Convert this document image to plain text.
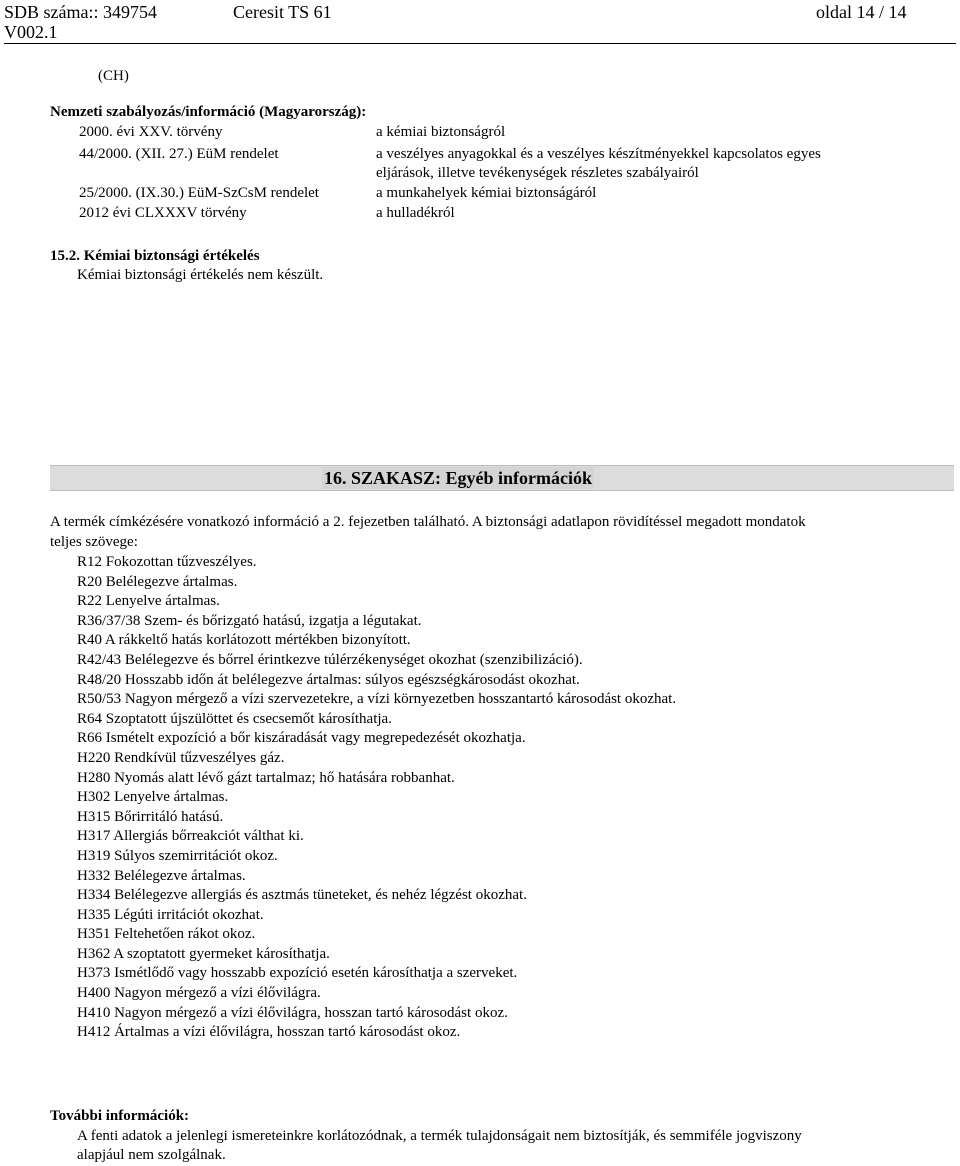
SDB száma:: 349754	Ceresit TS 61	oldal 14 / 14
V002.1
(CH)
Nemzeti szabályozás/információ (Magyarország):
2000. évi XXV. törvény	a kémiai biztonságról
44/2000. (XII. 27.) EüM rendelet	a veszélyes anyagokkal és a veszélyes készítményekkel kapcsolatos egyes
eljárások, illetve tevékenységek részletes szabályairól
25/2000. (IX.30.) EüM-SzCsM rendelet	a munkahelyek kémiai biztonságáról
2012 évi CLXXXV törvény	a hulladékról
15.2. Kémiai biztonsági értékelés
Kémiai biztonsági értékelés nem készült.
16. SZAKASZ: Egyéb információk
A termék címkézésére vonatkozó információ a 2. fejezetben található. A biztonsági adatlapon rövidítéssel megadott mondatok
teljes szövege:
R12 Fokozottan tűzveszélyes.
R20 Belélegezve ártalmas.
R22 Lenyelve ártalmas.
R36/37/38 Szem- és bőrizgató hatású, izgatja a légutakat.
R40 A rákkeltő hatás korlátozott mértékben bizonyított.
R42/43 Belélegezve és bőrrel érintkezve túlérzékenységet okozhat (szenzibilizáció).
R48/20 Hosszabb időn át belélegezve ártalmas: súlyos egészségkárosodást okozhat.
R50/53 Nagyon mérgező a vízi szervezetekre, a vízi környezetben hosszantartó károsodást okozhat.
R64 Szoptatott újszülöttet és csecsemőt károsíthatja.
R66 Ismételt expozíció a bőr kiszáradását vagy megrepedezését okozhatja.
H220 Rendkívül tűzveszélyes gáz.
H280 Nyomás alatt lévő gázt tartalmaz; hő hatására robbanhat.
H302 Lenyelve ártalmas.
H315 Bőrirritáló hatású.
H317 Allergiás bőrreakciót válthat ki.
H319 Súlyos szemirritációt okoz.
H332 Belélegezve ártalmas.
H334 Belélegezve allergiás és asztmás tüneteket, és nehéz légzést okozhat.
H335 Légúti irritációt okozhat.
H351 Feltehetően rákot okoz.
H362 A szoptatott gyermeket károsíthatja.
H373 Ismétlődő vagy hosszabb expozíció esetén károsíthatja a szerveket.
H400 Nagyon mérgező a vízi élővilágra.
H410 Nagyon mérgező a vízi élővilágra, hosszan tartó károsodást okoz.
H412 Ártalmas a vízi élővilágra, hosszan tartó károsodást okoz.
További információk:
A fenti adatok a jelenlegi ismereteinkre korlátozódnak, a termék tulajdonságait nem biztosítják, és semmiféle jogviszony
alapjául nem szolgálnak.
